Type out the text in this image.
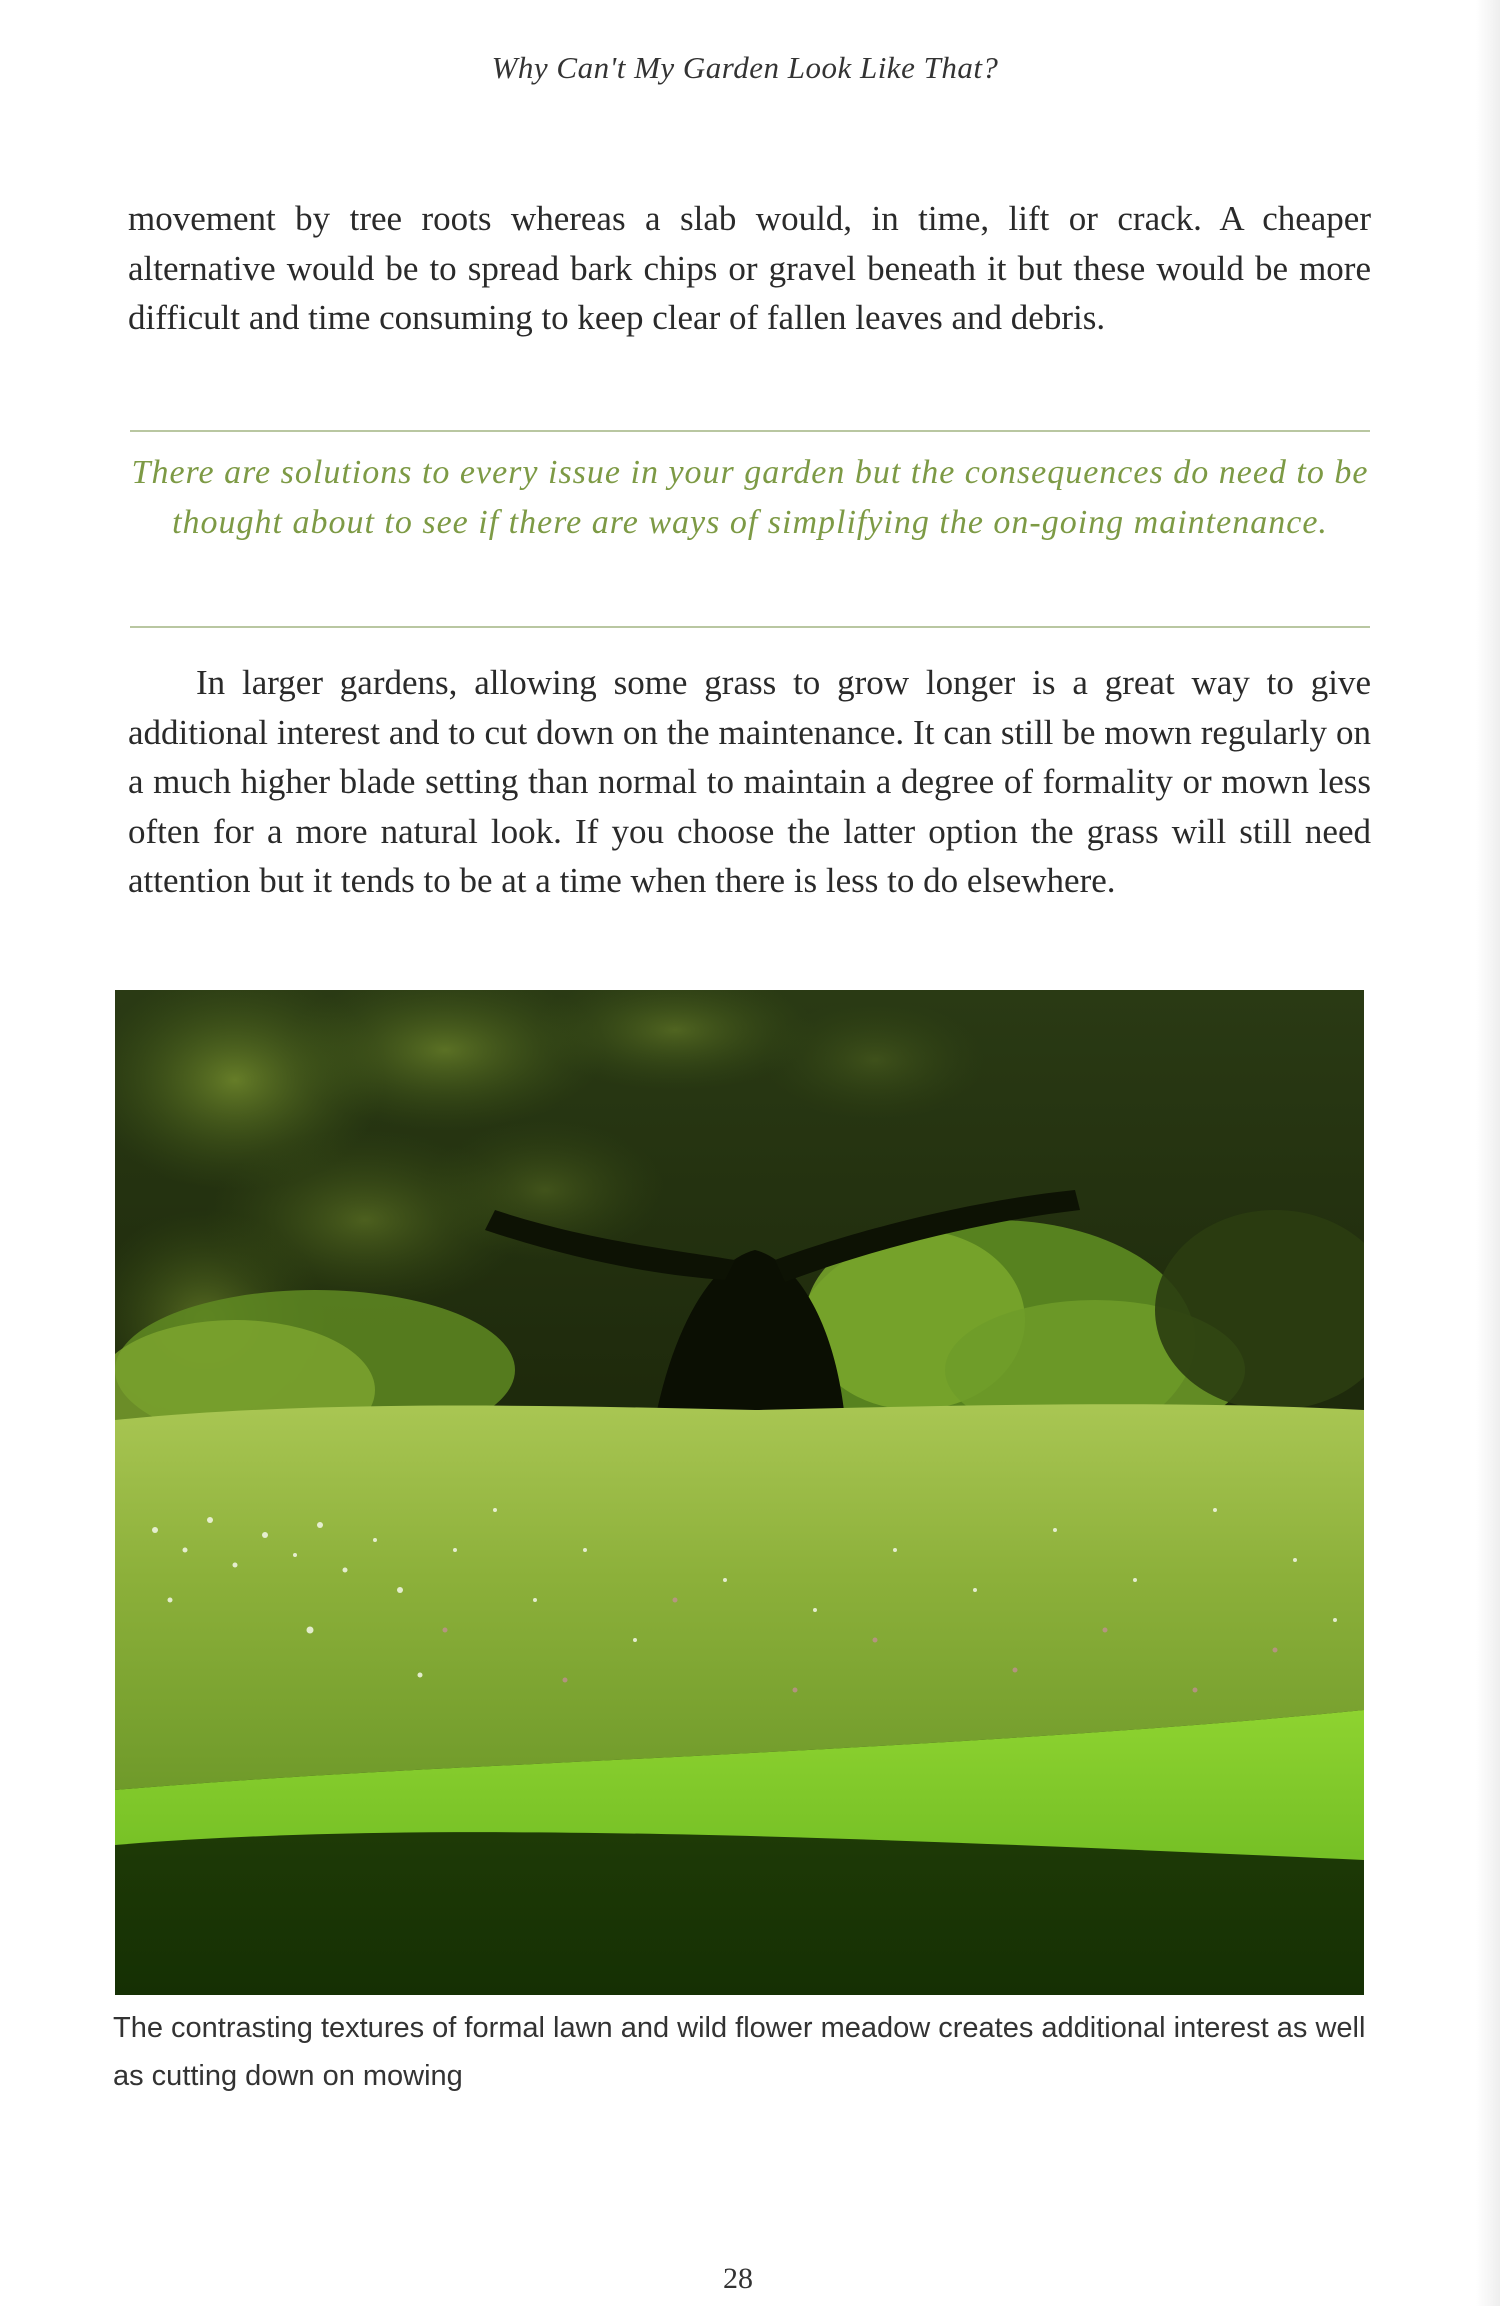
Why Can't My Garden Look Like That?

movement by tree roots whereas a slab would, in time, lift or crack. A cheaper alternative would be to spread bark chips or gravel beneath it but these would be more difficult and time consuming to keep clear of fallen leaves and debris.

There are solutions to every issue in your garden but the consequences do need to be thought about to see if there are ways of simplifying the on-going maintenance.

In larger gardens, allowing some grass to grow longer is a great way to give additional interest and to cut down on the maintenance. It can still be mown regularly on a much higher blade setting than normal to maintain a degree of formality or mown less often for a more natural look. If you choose the latter option the grass will still need attention but it tends to be at a time when there is less to do elsewhere.

The contrasting textures of formal lawn and wild flower meadow creates additional interest as well as cutting down on mowing

28
